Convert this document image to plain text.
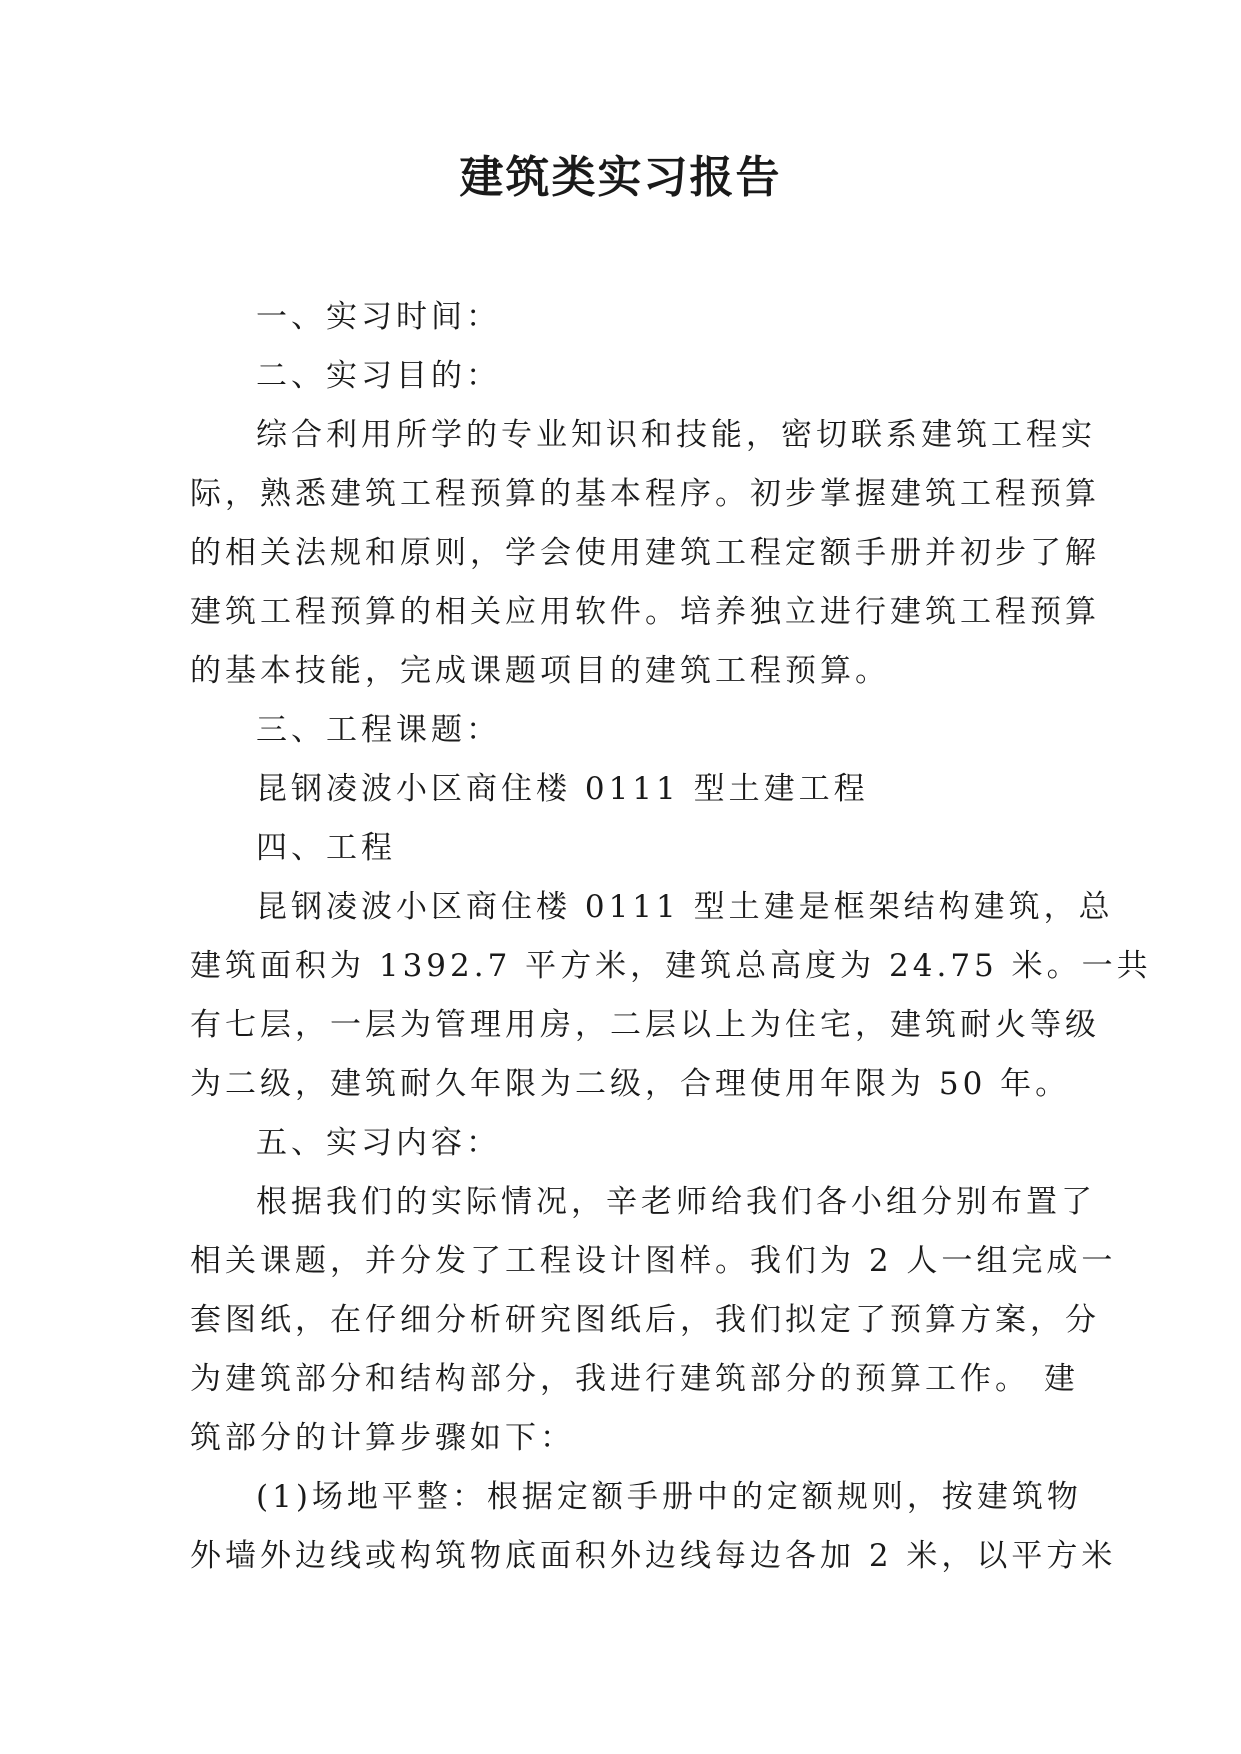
建筑类实习报告

一、实习时间：

二、实习目的：

综合利用所学的专业知识和技能，密切联系建筑工程实

际，熟悉建筑工程预算的基本程序。初步掌握建筑工程预算

的相关法规和原则，学会使用建筑工程定额手册并初步了解

建筑工程预算的相关应用软件。培养独立进行建筑工程预算

的基本技能，完成课题项目的建筑工程预算。

三、工程课题：

昆钢凌波小区商住楼 0111 型土建工程

四、工程

昆钢凌波小区商住楼 0111 型土建是框架结构建筑，总

建筑面积为 1392.7 平方米，建筑总高度为 24.75 米。一共

有七层，一层为管理用房，二层以上为住宅，建筑耐火等级

为二级，建筑耐久年限为二级，合理使用年限为 50 年。

五、实习内容：

根据我们的实际情况，辛老师给我们各小组分别布置了

相关课题，并分发了工程设计图样。我们为 2 人一组完成一

套图纸，在仔细分析研究图纸后，我们拟定了预算方案，分

为建筑部分和结构部分，我进行建筑部分的预算工作。 建

筑部分的计算步骤如下：

(1)场地平整：根据定额手册中的定额规则，按建筑物

外墙外边线或构筑物底面积外边线每边各加 2 米，以平方米
